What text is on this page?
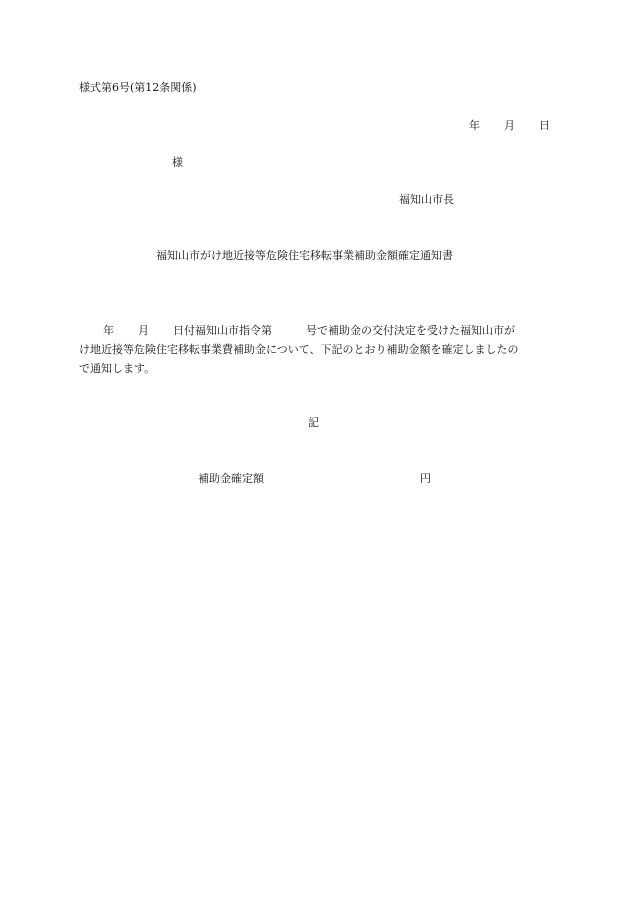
様式第6号(第12条関係)
年 月 日
様
福知山市長
福知山市がけ地近接等危険住宅移転事業補助金額確定通知書
年 月 日付福知山市指令第	号で補助金の交付決定を受けた福知山市が
け地近接等危険住宅移転事業費補助金について、下記のとおり補助金額を確定しましたの
で通知します。
記
補助金確定額	円
